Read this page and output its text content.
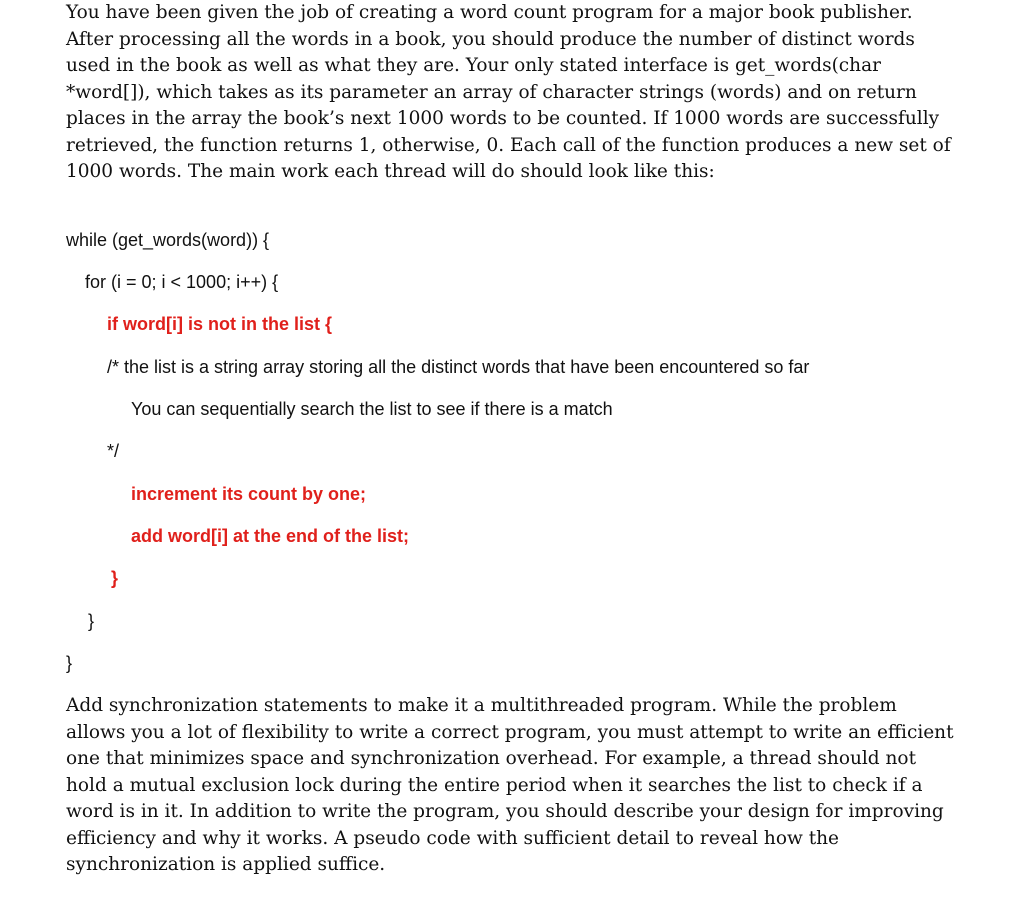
You have been given the job of creating a word count program for a major book publisher. After processing all the words in a book, you should produce the number of distinct words used in the book as well as what they are. Your only stated interface is get_words(char *word[]), which takes as its parameter an array of character strings (words) and on return places in the array the book’s next 1000 words to be counted. If 1000 words are successfully retrieved, the function returns 1, otherwise, 0. Each call of the function produces a new set of 1000 words. The main work each thread will do should look like this:

while (get_words(word)) {
for (i = 0; i < 1000; i++) {
if word[i] is not in the list {
/* the list is a string array storing all the distinct words that have been encountered so far
You can sequentially search the list to see if there is a match
*/
increment its count by one;
add word[i] at the end of the list;
}
}
}

Add synchronization statements to make it a multithreaded program. While the problem allows you a lot of flexibility to write a correct program, you must attempt to write an efficient one that minimizes space and synchronization overhead. For example, a thread should not hold a mutual exclusion lock during the entire period when it searches the list to check if a word is in it. In addition to write the program, you should describe your design for improving efficiency and why it works. A pseudo code with sufficient detail to reveal how the synchronization is applied suffice.
